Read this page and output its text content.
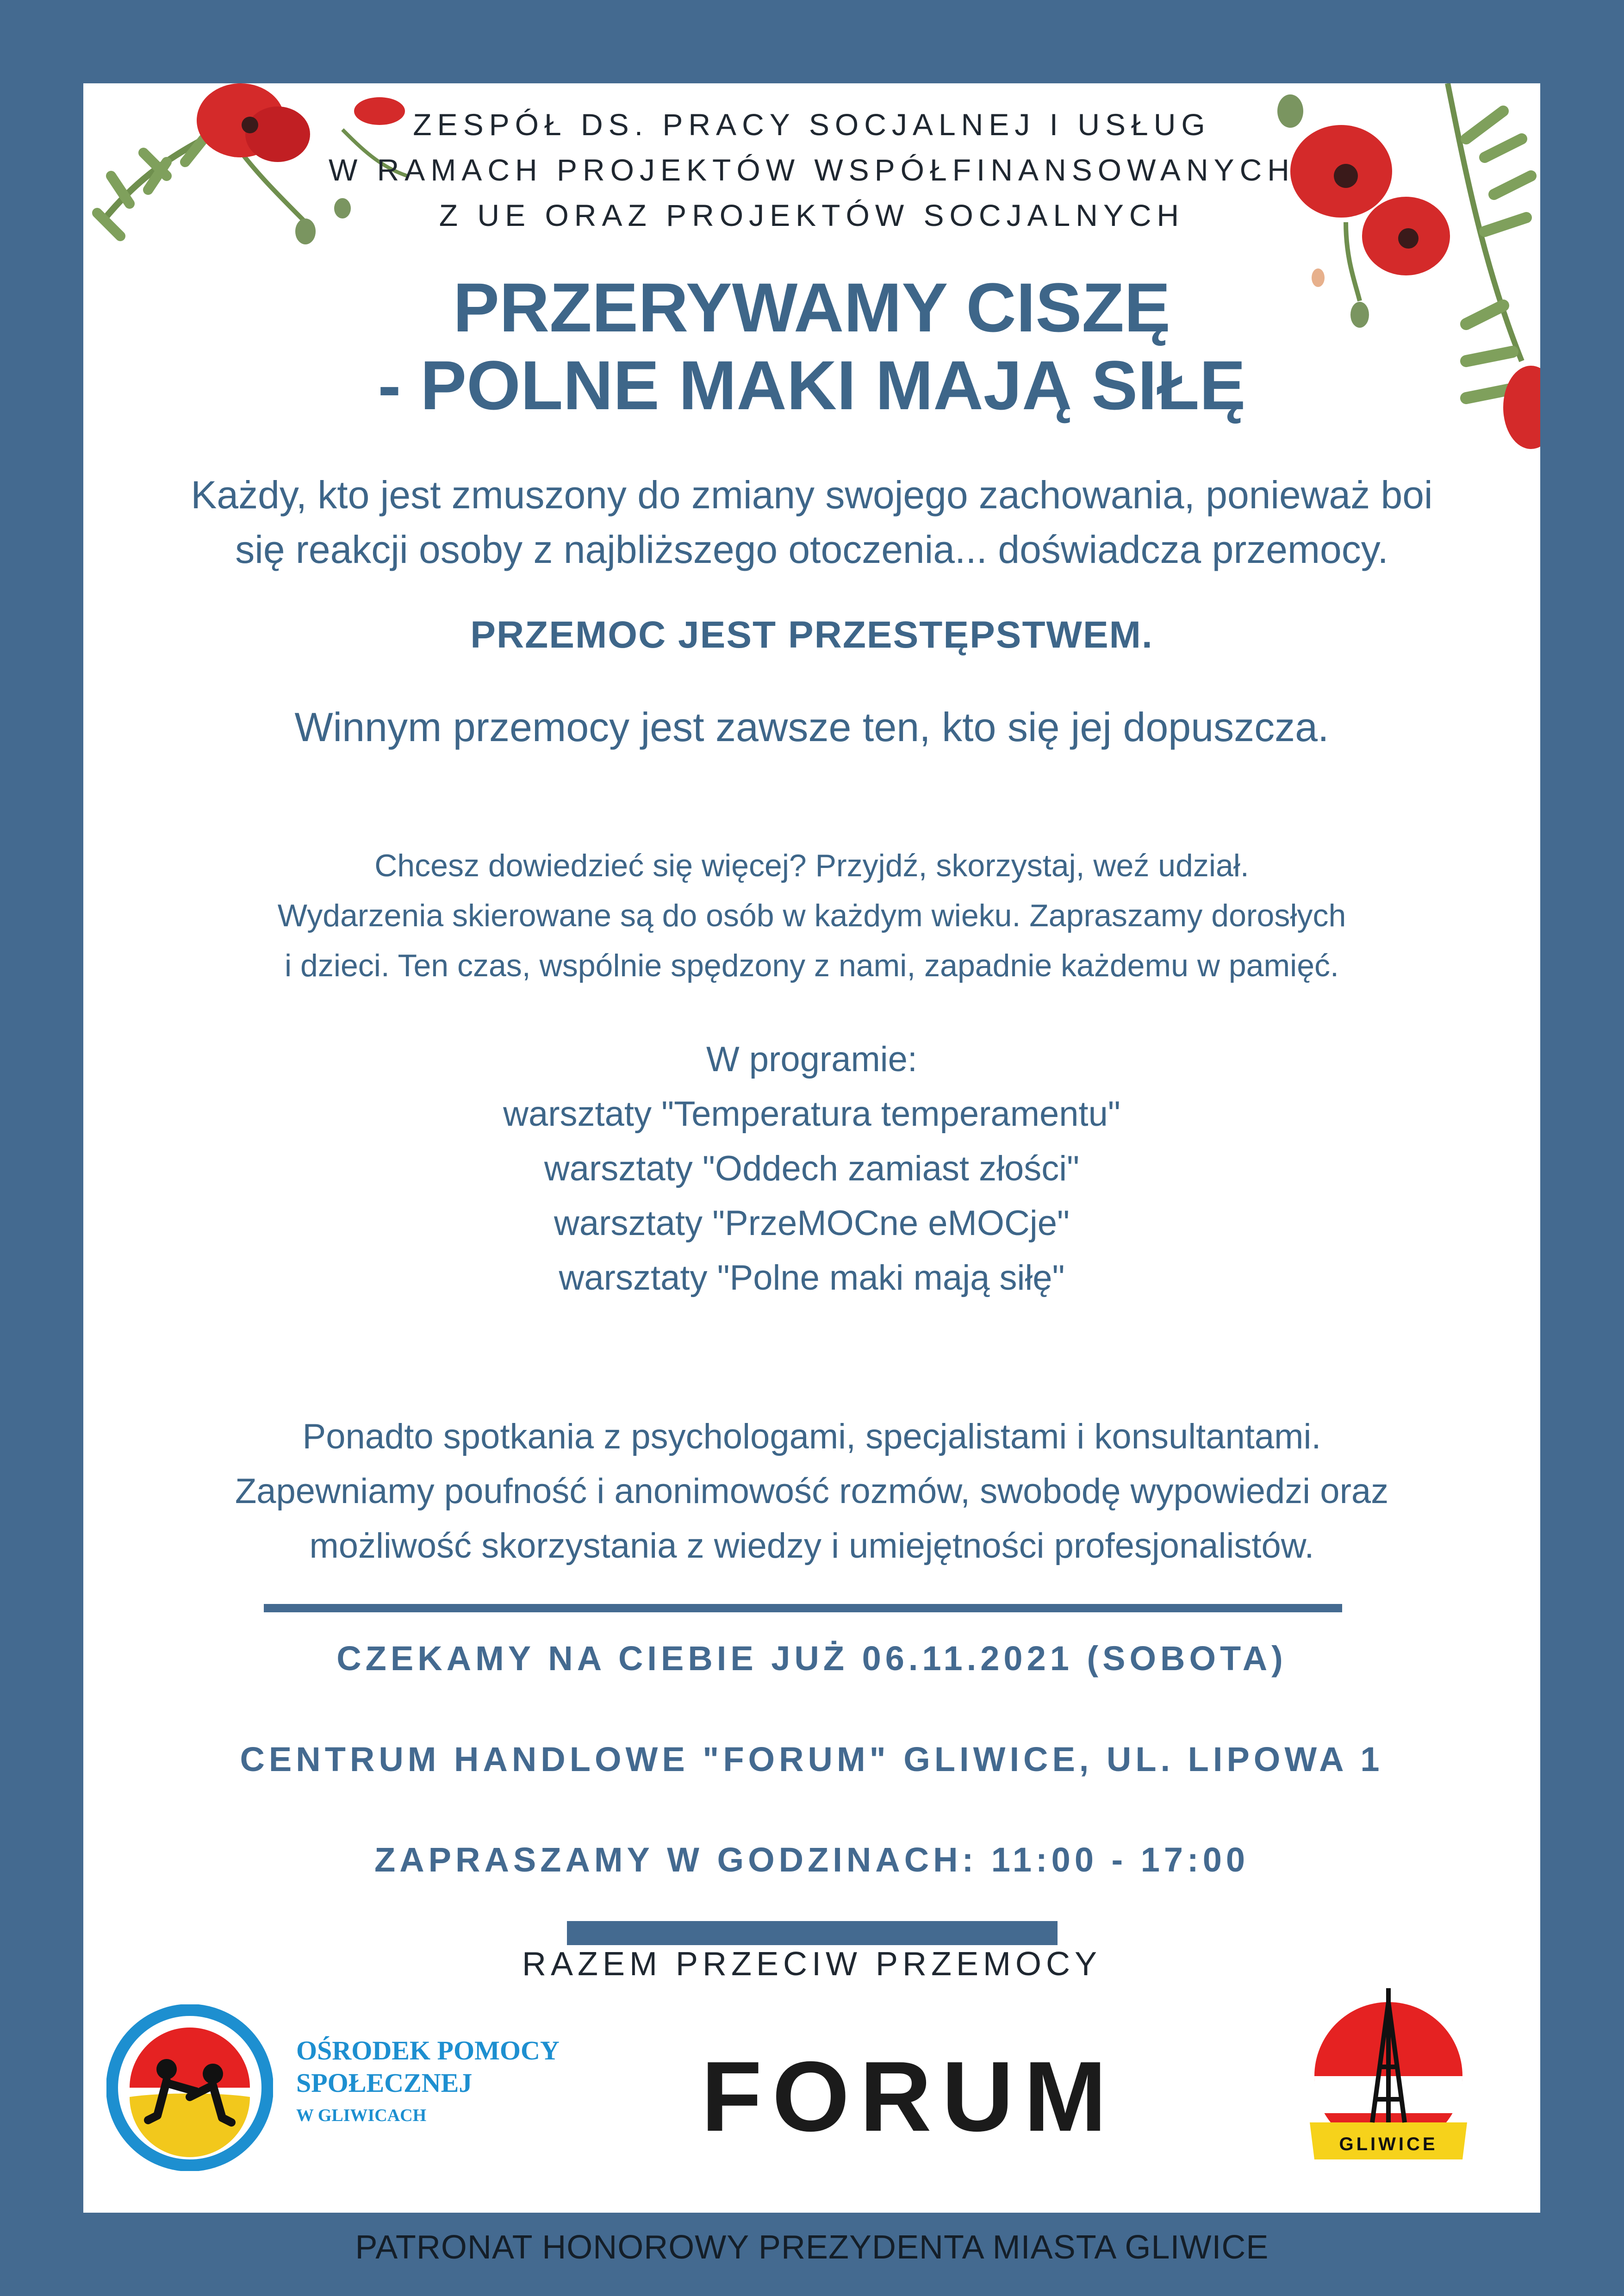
ZESPÓŁ DS. PRACY SOCJALNEJ I USŁUG
W RAMACH PROJEKTÓW WSPÓŁFINANSOWANYCH
Z UE ORAZ PROJEKTÓW SOCJALNYCH
PRZERYWAMY CISZĘ
- POLNE MAKI MAJĄ SIŁĘ
Każdy, kto jest zmuszony do zmiany swojego zachowania, ponieważ boi
się reakcji osoby z najbliższego otoczenia... doświadcza przemocy.
PRZEMOC JEST PRZESTĘPSTWEM.
Winnym przemocy jest zawsze ten, kto się jej dopuszcza.
Chcesz dowiedzieć się więcej? Przyjdź, skorzystaj, weź udział.
Wydarzenia skierowane są do osób w każdym wieku. Zapraszamy dorosłych
i dzieci. Ten czas, wspólnie spędzony z nami, zapadnie każdemu w pamięć.
W programie:
warsztaty "Temperatura temperamentu"
warsztaty "Oddech zamiast złości"
warsztaty "PrzeMOCne eMOCje"
warsztaty "Polne maki mają siłę"
Ponadto spotkania z psychologami, specjalistami i konsultantami.
Zapewniamy poufność i anonimowość rozmów, swobodę wypowiedzi oraz
możliwość skorzystania z wiedzy i umiejętności profesjonalistów.
CZEKAMY NA CIEBIE JUŻ 06.11.2021 (SOBOTA)
CENTRUM HANDLOWE "FORUM" GLIWICE, UL. LIPOWA 1
ZAPRASZAMY W GODZINACH: 11:00 - 17:00
RAZEM PRZECIW PRZEMOCY
OŚRODEK POMOCY
SPOŁECZNEJ
W GLIWICACH	FORUM	GLIWICE
PATRONAT HONOROWY PREZYDENTA MIASTA GLIWICE
